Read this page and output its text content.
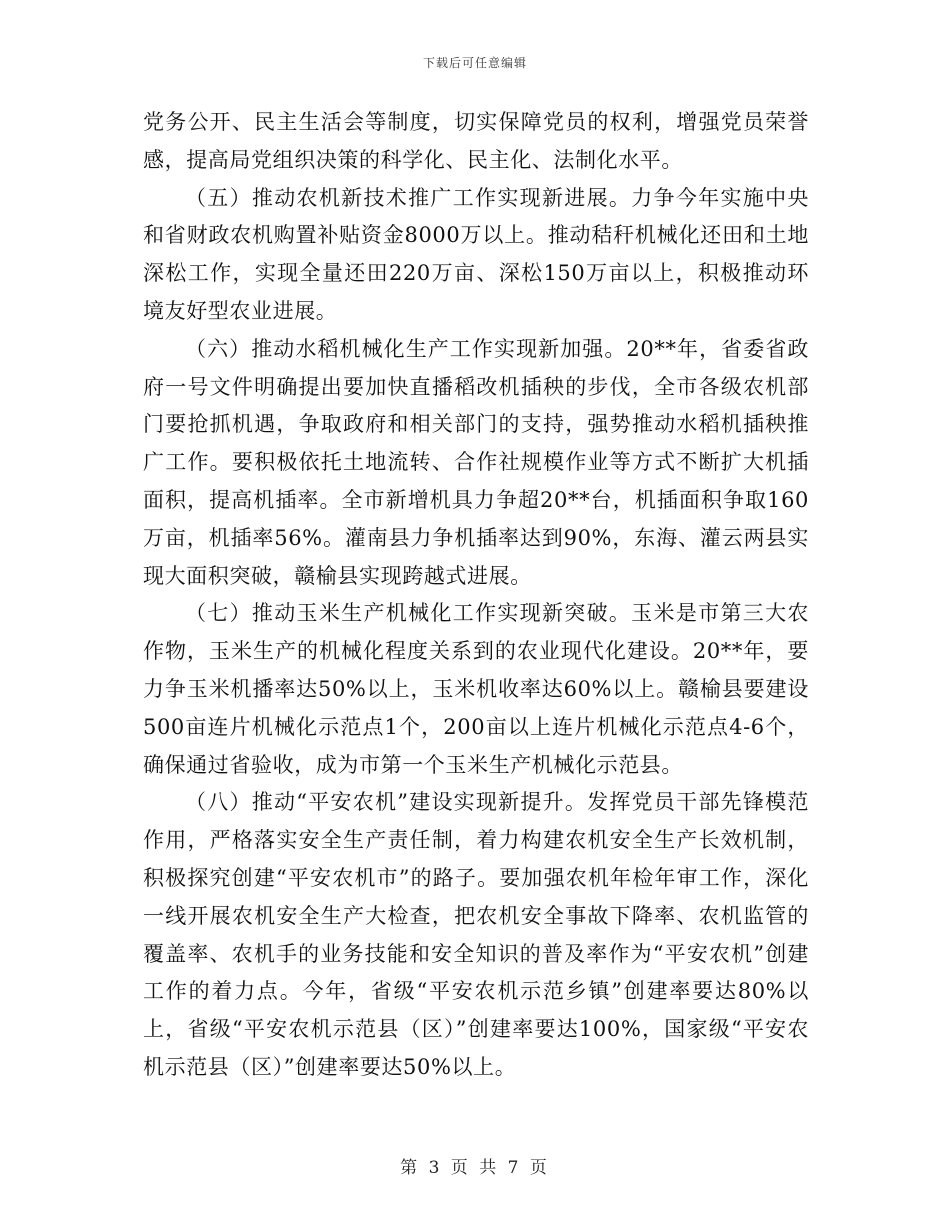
下载后可任意编辑

党务公开、民主生活会等制度，切实保障党员的权利，增强党员荣誉感，提高局党组织决策的科学化、民主化、法制化水平。

（五）推动农机新技术推广工作实现新进展。力争今年实施中央和省财政农机购置补贴资金8000万以上。推动秸秆机械化还田和土地深松工作，实现全量还田220万亩、深松150万亩以上，积极推动环境友好型农业进展。

（六）推动水稻机械化生产工作实现新加强。20**年，省委省政府一号文件明确提出要加快直播稻改机插秧的步伐，全市各级农机部门要抢抓机遇，争取政府和相关部门的支持，强势推动水稻机插秧推广工作。要积极依托土地流转、合作社规模作业等方式不断扩大机插面积，提高机插率。全市新增机具力争超20**台，机插面积争取160万亩，机插率56%。灌南县力争机插率达到90%，东海、灌云两县实现大面积突破，赣榆县实现跨越式进展。

（七）推动玉米生产机械化工作实现新突破。玉米是市第三大农作物，玉米生产的机械化程度关系到的农业现代化建设。20**年，要力争玉米机播率达50%以上，玉米机收率达60%以上。赣榆县要建设500亩连片机械化示范点1个，200亩以上连片机械化示范点4-6个，确保通过省验收，成为市第一个玉米生产机械化示范县。

（八）推动“平安农机”建设实现新提升。发挥党员干部先锋模范作用，严格落实安全生产责任制，着力构建农机安全生产长效机制，积极探究创建“平安农机市”的路子。要加强农机年检年审工作，深化一线开展农机安全生产大检查，把农机安全事故下降率、农机监管的覆盖率、农机手的业务技能和安全知识的普及率作为“平安农机”创建工作的着力点。今年，省级“平安农机示范乡镇”创建率要达80%以上，省级“平安农机示范县（区）”创建率要达100%，国家级“平安农机示范县（区）”创建率要达50%以上。

第 3 页 共 7 页
